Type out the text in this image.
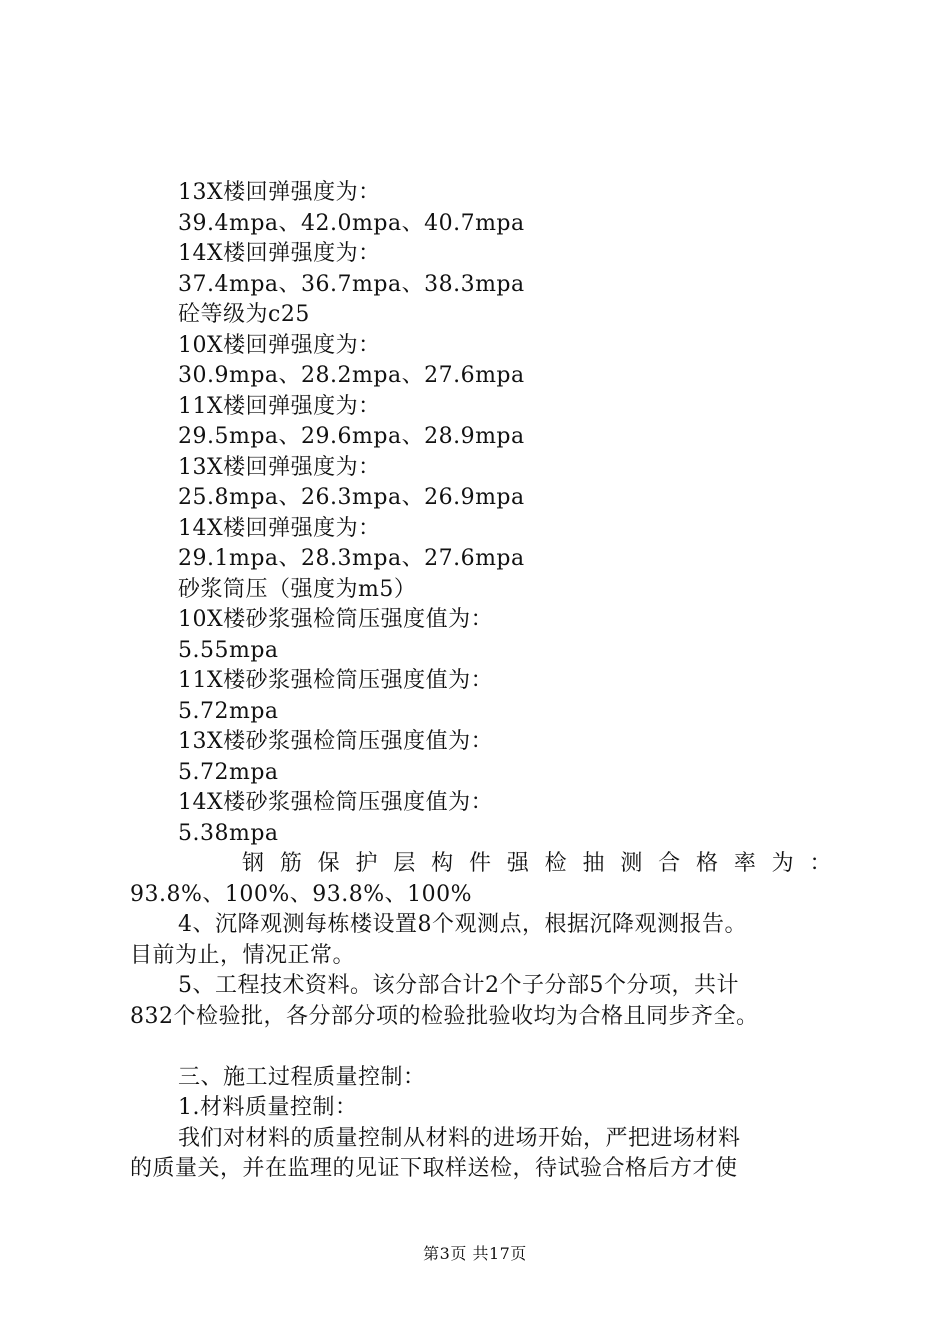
13X楼回弹强度为：
39.4mpa、42.0mpa、40.7mpa
14X楼回弹强度为：
37.4mpa、36.7mpa、38.3mpa
砼等级为c25
10X楼回弹强度为：
30.9mpa、28.2mpa、27.6mpa
11X楼回弹强度为：
29.5mpa、29.6mpa、28.9mpa
13X楼回弹强度为：
25.8mpa、26.3mpa、26.9mpa
14X楼回弹强度为：
29.1mpa、28.3mpa、27.6mpa
砂浆筒压（强度为m5）
10X楼砂浆强检筒压强度值为：
5.55mpa
11X楼砂浆强检筒压强度值为：
5.72mpa
13X楼砂浆强检筒压强度值为：
5.72mpa
14X楼砂浆强检筒压强度值为：
5.38mpa
钢 筋 保 护 层 构 件 强 检 抽 测 合 格 率 为 ：
93.8%、100%、93.8%、100%
4、沉降观测每栋楼设置8个观测点，根据沉降观测报告。
目前为止，情况正常。
5、工程技术资料。该分部合计2个子分部5个分项，共计
832个检验批，各分部分项的检验批验收均为合格且同步齐全。
三、施工过程质量控制：
1.材料质量控制：
我们对材料的质量控制从材料的进场开始，严把进场材料
的质量关，并在监理的见证下取样送检，待试验合格后方才使
第3页 共17页
